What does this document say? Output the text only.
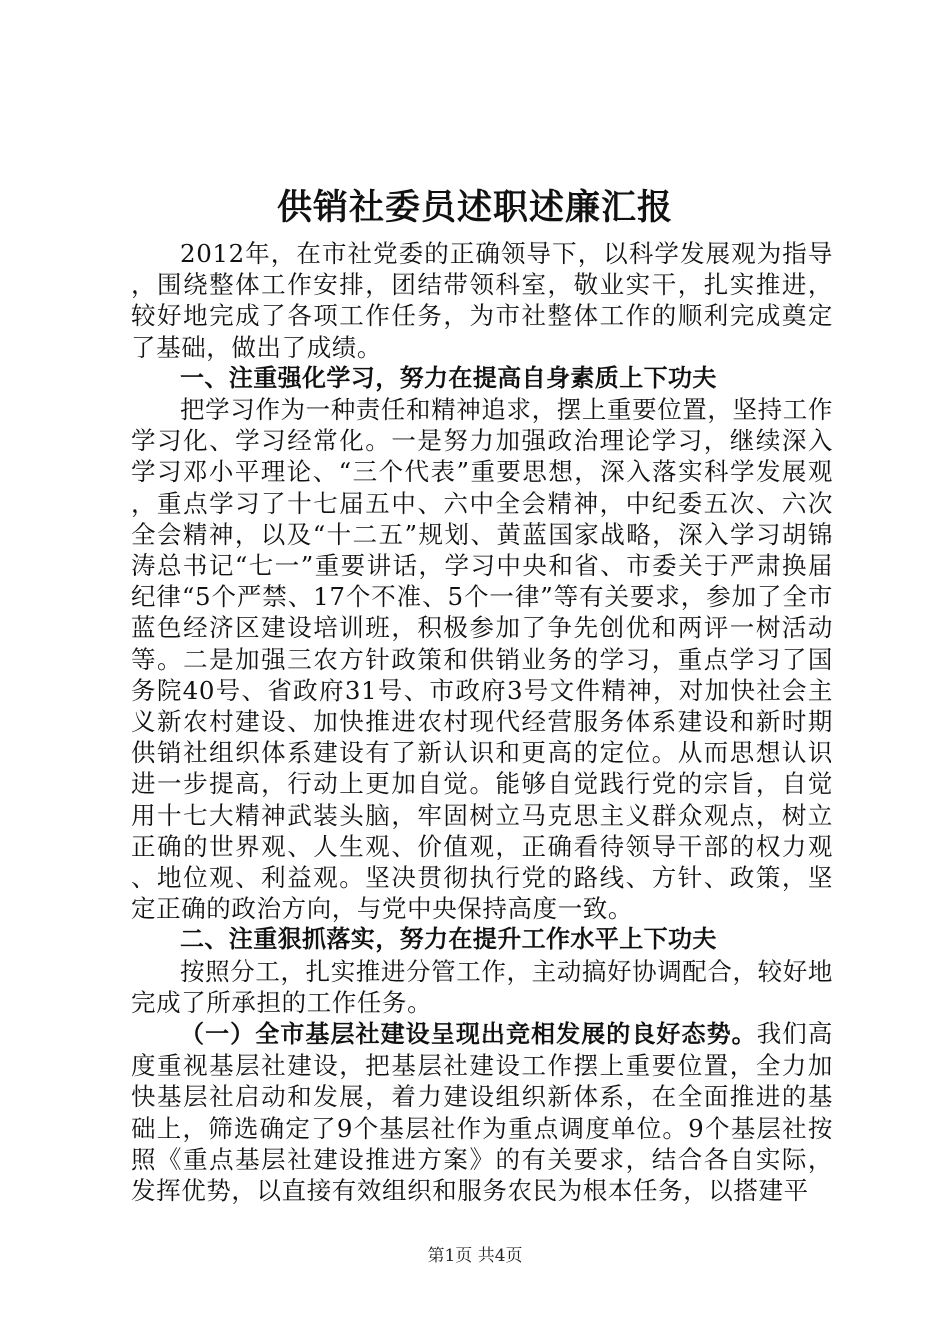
供销社委员述职述廉汇报

2012年，在市社党委的正确领导下，以科学发展观为指导，围绕整体工作安排，团结带领科室，敬业实干，扎实推进，较好地完成了各项工作任务，为市社整体工作的顺利完成奠定了基础，做出了成绩。

一、注重强化学习，努力在提高自身素质上下功夫

把学习作为一种责任和精神追求，摆上重要位置，坚持工作学习化、学习经常化。一是努力加强政治理论学习，继续深入学习邓小平理论、“三个代表”重要思想，深入落实科学发展观，重点学习了十七届五中、六中全会精神，中纪委五次、六次全会精神，以及“十二五”规划、黄蓝国家战略，深入学习胡锦涛总书记“七一”重要讲话，学习中央和省、市委关于严肃换届纪律“5个严禁、17个不准、5个一律”等有关要求，参加了全市蓝色经济区建设培训班，积极参加了争先创优和两评一树活动等。二是加强三农方针政策和供销业务的学习，重点学习了国务院40号、省政府31号、市政府3号文件精神，对加快社会主义新农村建设、加快推进农村现代经营服务体系建设和新时期供销社组织体系建设有了新认识和更高的定位。从而思想认识进一步提高，行动上更加自觉。能够自觉践行党的宗旨，自觉用十七大精神武装头脑，牢固树立马克思主义群众观点，树立正确的世界观、人生观、价值观，正确看待领导干部的权力观、地位观、利益观。坚决贯彻执行党的路线、方针、政策，坚定正确的政治方向，与党中央保持高度一致。

二、注重狠抓落实，努力在提升工作水平上下功夫

按照分工，扎实推进分管工作，主动搞好协调配合，较好地完成了所承担的工作任务。

（一）全市基层社建设呈现出竞相发展的良好态势。我们高度重视基层社建设，把基层社建设工作摆上重要位置，全力加快基层社启动和发展，着力建设组织新体系，在全面推进的基础上，筛选确定了9个基层社作为重点调度单位。9个基层社按照《重点基层社建设推进方案》的有关要求，结合各自实际，发挥优势，以直接有效组织和服务农民为根本任务，以搭建平

第1页 共4页
